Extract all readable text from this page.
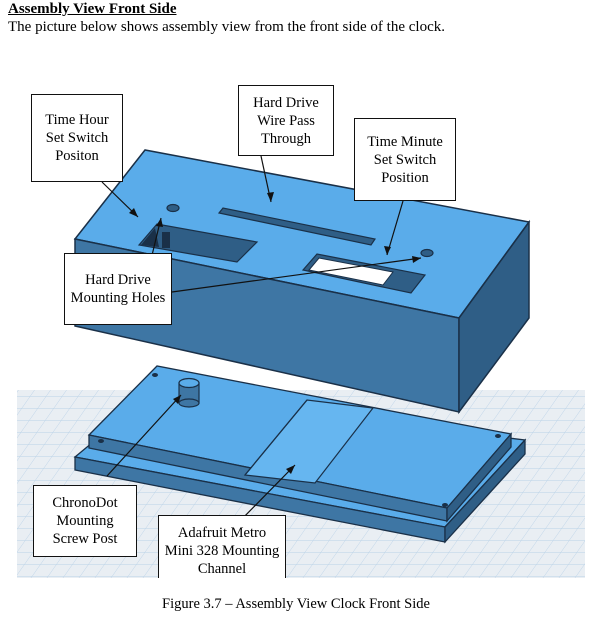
Assembly View Front Side
The picture below shows assembly view from the front side of the clock.
Time Hour Set Switch Positon
Hard Drive Wire Pass Through	Time Minute Set Switch Position
Hard Drive Mounting Holes
ChronoDot Mounting Screw Post	Adafruit Metro Mini 328 Mounting Channel
Figure 3.7 – Assembly View Clock Front Side
